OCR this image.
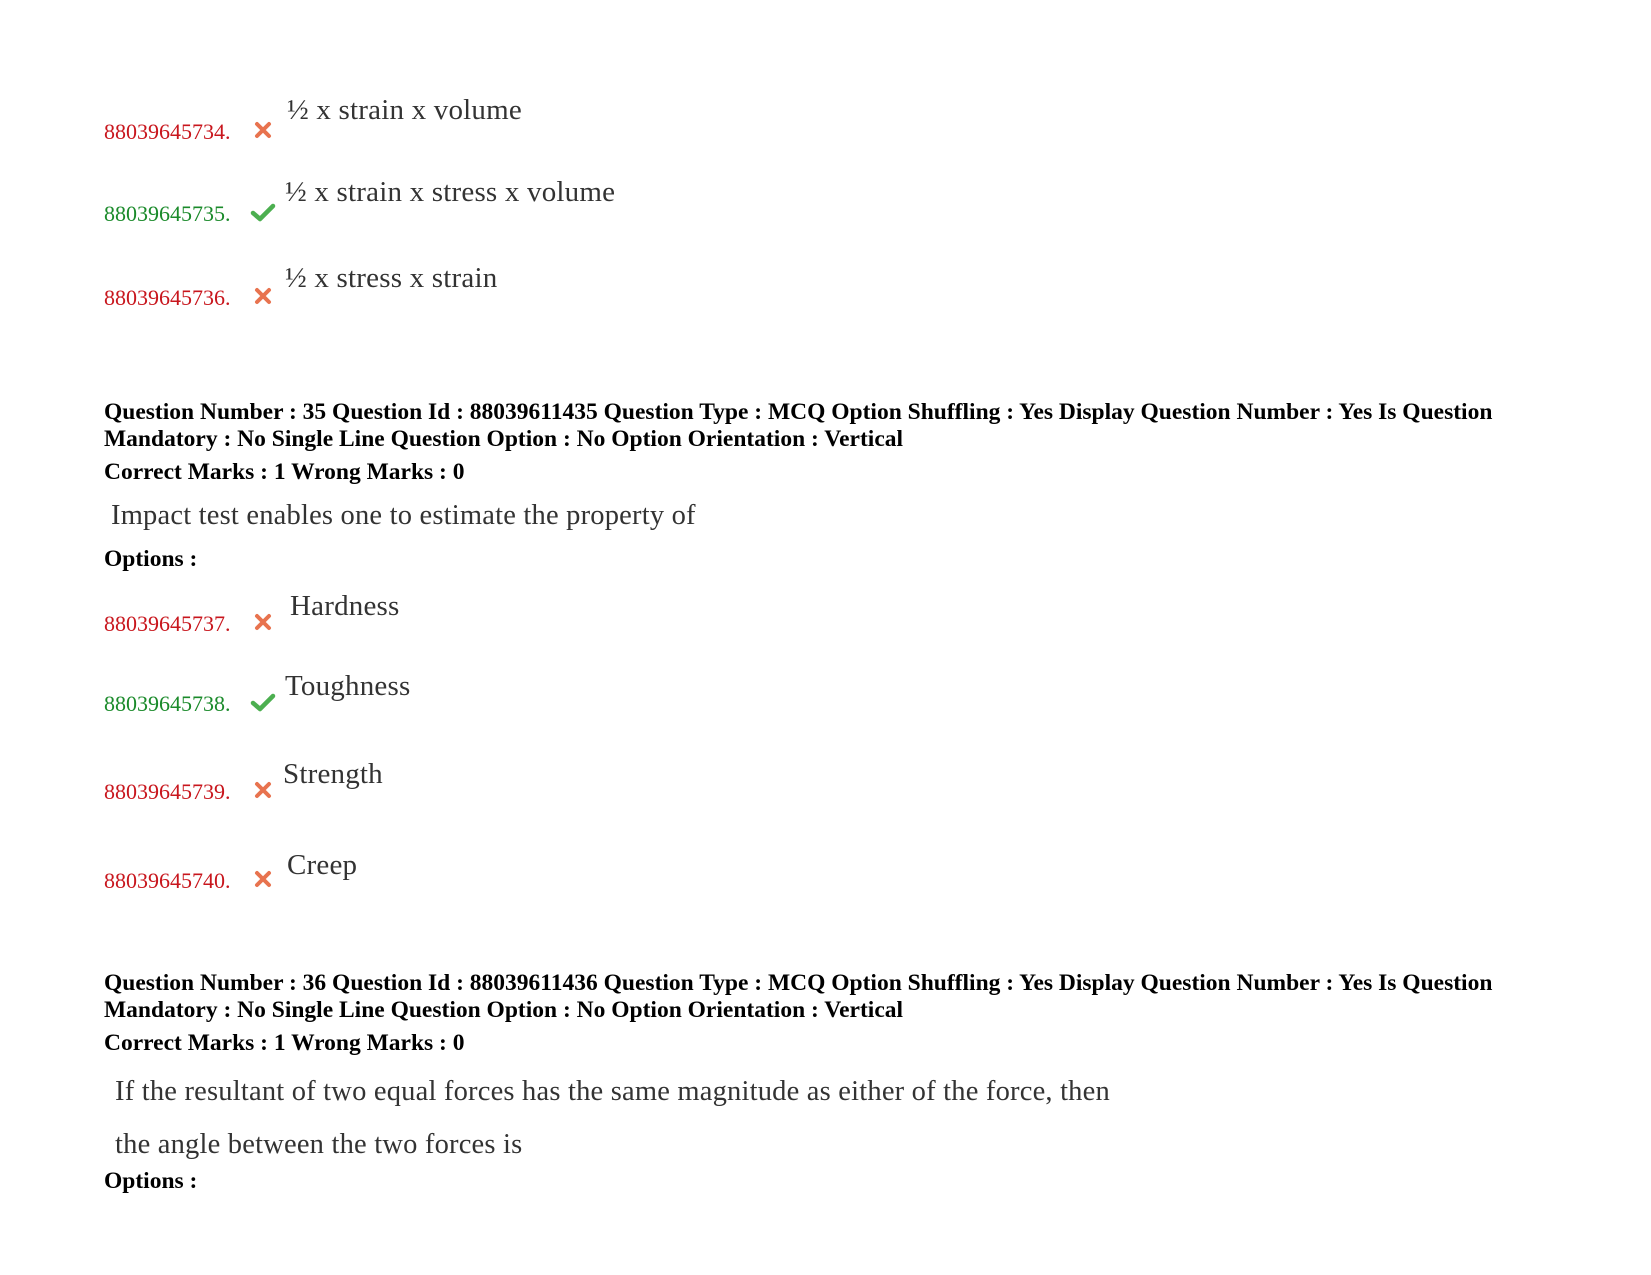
88039645734.
½ x strain x volume
88039645735.
½ x strain x stress x volume
88039645736.
½ x stress x strain
Question Number : 35 Question Id : 88039611435 Question Type : MCQ Option Shuffling : Yes Display Question Number : Yes Is Question
Mandatory : No Single Line Question Option : No Option Orientation : Vertical
Correct Marks : 1 Wrong Marks : 0
Impact test enables one to estimate the property of
Options :
88039645737.
Hardness
88039645738.
Toughness
88039645739.
Strength
88039645740. Creep
Question Number : 36 Question Id : 88039611436 Question Type : MCQ Option Shuffling : Yes Display Question Number : Yes Is Question
Mandatory : No Single Line Question Option : No Option Orientation : Vertical
Correct Marks : 1 Wrong Marks : 0
If the resultant of two equal forces has the same magnitude as either of the force, then
the angle between the two forces is
Options :
